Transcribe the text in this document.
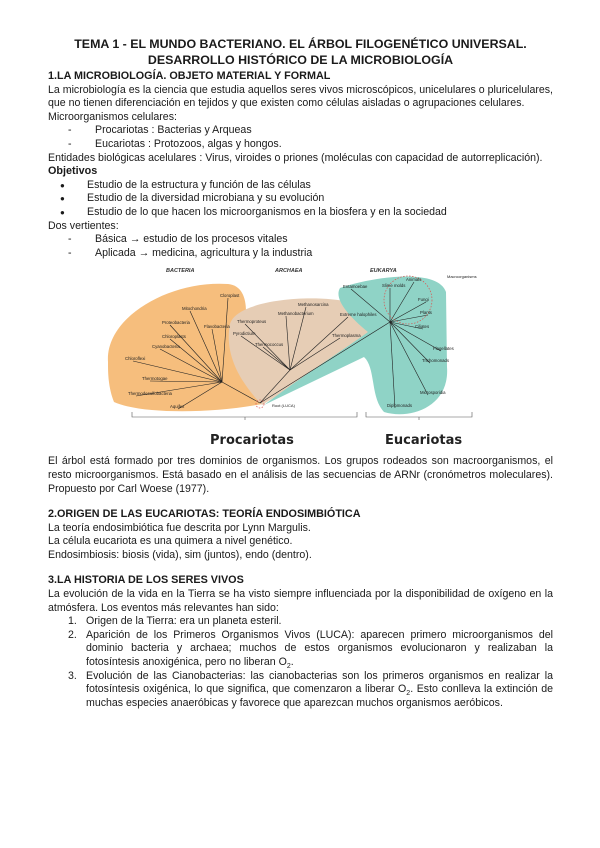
TEMA 1 - EL MUNDO BACTERIANO. EL ÁRBOL FILOGENÉTICO UNIVERSAL.
DESARROLLO HISTÓRICO DE LA MICROBIOLOGÍA
1.LA MICROBIOLOGÍA. OBJETO MATERIAL Y FORMAL

La microbiología es la ciencia que estudia aquellos seres vivos microscópicos, unicelulares o pluricelulares, que no tienen diferenciación en tejidos y que existen como células aisladas o agrupaciones celulares.

Microorganismos celulares:

- Procariotas : Bacterias y Arqueas
- Eucariotas : Protozoos, algas y hongos.

Entidades biológicas acelulares : Virus, viroides o priones (moléculas con capacidad de autorreplicación).

Objetivos
● Estudio de la estructura y función de las células
● Estudio de la diversidad microbiana y su evolución
● Estudio de lo que hacen los microorganismos en la biosfera y en la sociedad

Dos vertientes:

- Básica → estudio de los procesos vitales
- Aplicada → medicina, agricultura y la industria
Cloroplast
Mitochondria
Proteobacteria
Flavobacteria
Chloroplasts
Cyanobacteria
Chloroflexi
Thermotogae
Thermodesulfobacteria
Aquifex
Methanosarcina
Methanobacterium
Thermoproteus
Pyrodictium
Thermococcus
Extreme halophiles
Thermoplasma
Entamoebae	Slime molds
Animals
Fungi
Plants
Ciliates
Flagellates
Trichomonads
Microsporidia
Diplomonads
BACTERIA	ARCHAEA	EUKARYA
Macroorganisms
Root (LUCA)
Procariotas	Eucariotas

El árbol está formado por tres dominios de organismos. Los grupos rodeados son macroorganismos, el resto microorganismos. Está basado en el análisis de las secuencias de ARNr (cronómetros moleculares). Propuesto por Carl Woese (1977).

2.ORIGEN DE LAS EUCARIOTAS: TEORÍA ENDOSIMBIÓTICA

La teoría endosimbiótica fue descrita por Lynn Margulis.

La célula eucariota es una quimera a nivel genético.

Endosimbiosis: biosis (vida), sim (juntos), endo (dentro).

3.LA HISTORIA DE LOS SERES VIVOS

La evolución de la vida en la Tierra se ha visto siempre influenciada por la disponibilidad de oxígeno en la atmósfera. Los eventos más relevantes han sido:

1. Origen de la Tierra: era un planeta esteril.
2. Aparición de los Primeros Organismos Vivos (LUCA): aparecen primero microorganismos del dominio bacteria y archaea; muchos de estos organismos evolucionaron y realizaban la fotosíntesis anoxigénica, pero no liberan $O_2$.
3. Evolución de las Cianobacterias: las cianobacterias son los primeros organismos en realizar la fotosíntesis oxigénica, lo que significa, que comenzaron a liberar $O_2$. Esto conlleva la extinción de muchas especies anaeróbicas y favorece que aparezcan muchos organismos aeróbicos.
